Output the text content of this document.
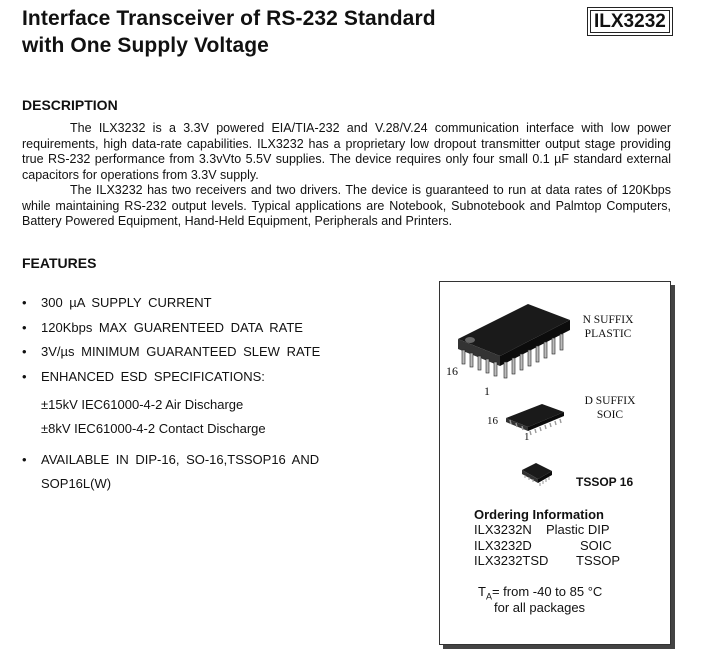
Interface Transceiver of RS-232 Standard
with One Supply Voltage
ILX3232
DESCRIPTION

The ILX3232 is a 3.3V powered EIA/TIA-232 and V.28/V.24 communication interface with low power requirements, high data-rate capabilities. ILX3232 has a proprietary low dropout transmitter output stage providing true RS-232 performance from 3.3vVto 5.5V supplies. The device requires only four small 0.1 µF standard external capacitors for operations from 3.3V supply.

The ILX3232 has two receivers and two drivers. The device is guaranteed to run at data rates of 120Kbps while maintaining RS-232 output levels. Typical applications are Notebook, Subnotebook and Palmtop Computers, Battery Powered Equipment, Hand-Held Equipment, Peripherals and Printers.

FEATURES
• 300 µA SUPPLY CURRENT
• 120Kbps MAX GUARENTEED DATA RATE
• 3V/µs MINIMUM GUARANTEED SLEW RATE
• ENHANCED ESD SPECIFICATIONS:
±15kV IEC61000-4-2 Air Discharge
±8kV IEC61000-4-2 Contact Discharge
• AVAILABLE IN DIP-16, SO-16,TSSOP16 AND
SOP16L(W)
16
1
N SUFFIX
PLASTIC
16
1
D SUFFIX
SOIC
TSSOP 16
Ordering Information
ILX3232N Plastic DIP
ILX3232D	SOIC
ILX3232TSD TSSOP
$T_A=$ from -40 to 85 °C
for all packages
